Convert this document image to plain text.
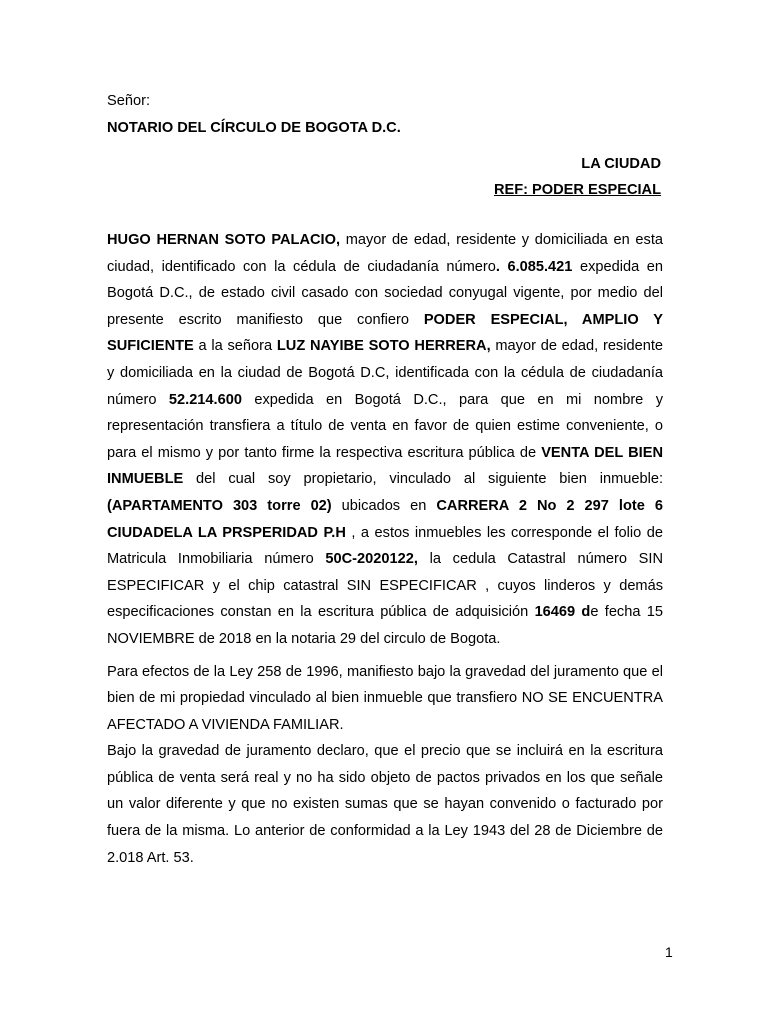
Señor:
NOTARIO DEL CÍRCULO DE BOGOTA D.C.
LA CIUDAD
REF: PODER ESPECIAL

HUGO HERNAN SOTO PALACIO, mayor de edad, residente y domiciliada en esta ciudad, identificado con la cédula de ciudadanía número. 6.085.421 expedida en Bogotá D.C., de estado civil casado con sociedad conyugal vigente, por medio del presente escrito manifiesto que confiero PODER ESPECIAL, AMPLIO Y SUFICIENTE a la señora LUZ NAYIBE SOTO HERRERA, mayor de edad, residente y domiciliada en la ciudad de Bogotá D.C, identificada con la cédula de ciudadanía número 52.214.600 expedida en Bogotá D.C., para que en mi nombre y representación transfiera a título de venta en favor de quien estime conveniente, o para el mismo y por tanto firme la respectiva escritura pública de VENTA DEL BIEN INMUEBLE del cual soy propietario, vinculado al siguiente bien inmueble: (APARTAMENTO 303 torre 02) ubicados en CARRERA 2 No 2 297 lote 6 CIUDADELA LA PRSPERIDAD P.H , a estos inmuebles les corresponde el folio de Matricula Inmobiliaria número 50C-2020122, la cedula Catastral número SIN ESPECIFICAR y el chip catastral SIN ESPECIFICAR , cuyos linderos y demás especificaciones constan en la escritura pública de adquisición 16469 de fecha 15 NOVIEMBRE de 2018 en la notaria 29 del circulo de Bogota.

Para efectos de la Ley 258 de 1996, manifiesto bajo la gravedad del juramento que el bien de mi propiedad vinculado al bien inmueble que transfiero NO SE ENCUENTRA AFECTADO A VIVIENDA FAMILIAR.

Bajo la gravedad de juramento declaro, que el precio que se incluirá en la escritura pública de venta será real y no ha sido objeto de pactos privados en los que señale un valor diferente y que no existen sumas que se hayan convenido o facturado por fuera de la misma. Lo anterior de conformidad a la Ley 1943 del 28 de Diciembre de 2.018 Art. 53.

1
